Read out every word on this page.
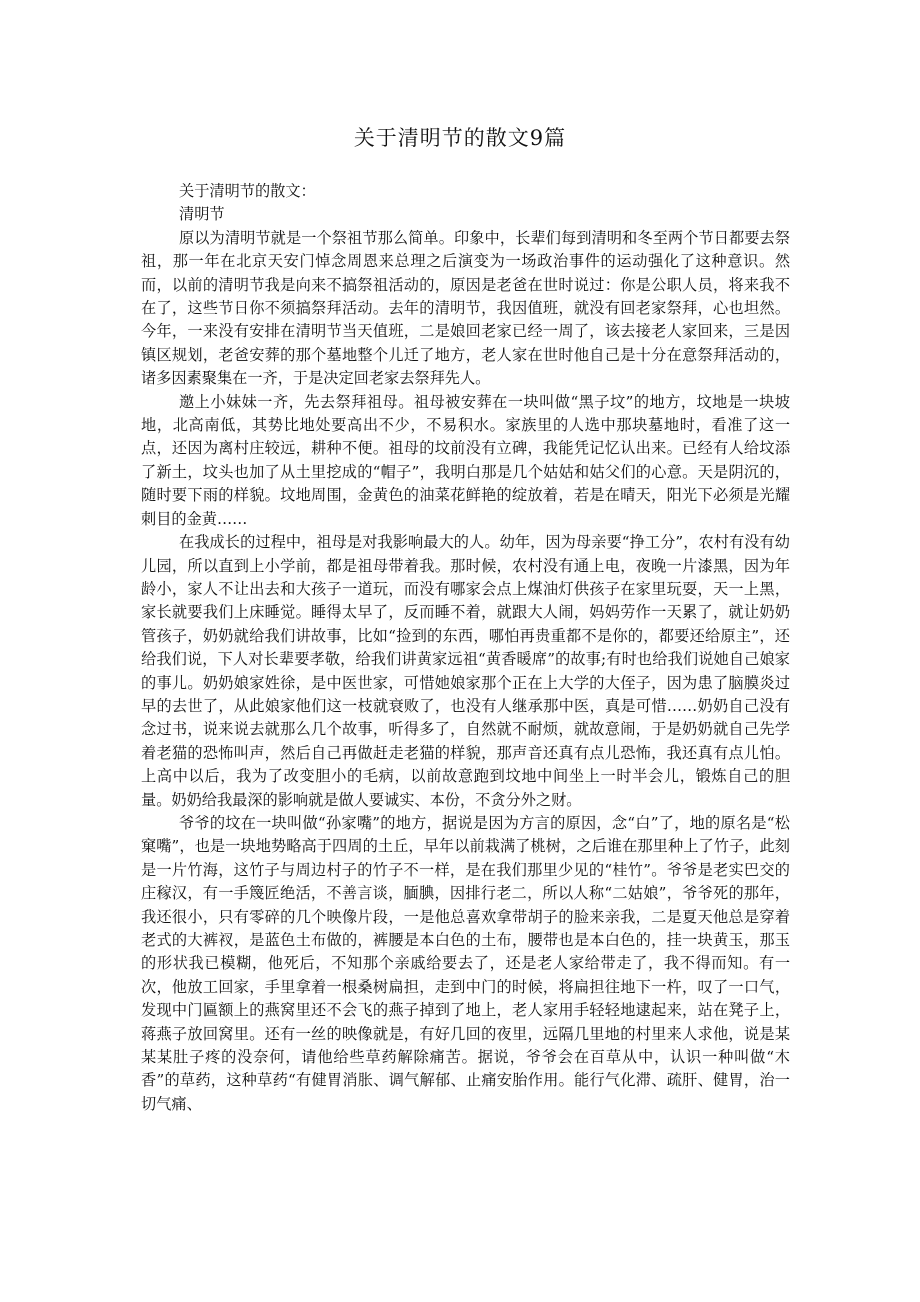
关于清明节的散文9篇

关于清明节的散文：

清明节

原以为清明节就是一个祭祖节那么简单。印象中，长辈们每到清明和冬至两个节日都要去祭祖，那一年在北京天安门悼念周恩来总理之后演变为一场政治事件的运动强化了这种意识。然而，以前的清明节我是向来不搞祭祖活动的，原因是老爸在世时说过：你是公职人员，将来我不在了，这些节日你不须搞祭拜活动。去年的清明节，我因值班，就没有回老家祭拜，心也坦然。今年，一来没有安排在清明节当天值班，二是娘回老家已经一周了，该去接老人家回来，三是因镇区规划，老爸安葬的那个墓地整个儿迁了地方，老人家在世时他自己是十分在意祭拜活动的，诸多因素聚集在一齐，于是决定回老家去祭拜先人。

邀上小妹妹一齐，先去祭拜祖母。祖母被安葬在一块叫做“黑子坟”的地方，坟地是一块坡地，北高南低，其势比地处要高出不少，不易积水。家族里的人选中那块墓地时，看准了这一点，还因为离村庄较远，耕种不便。祖母的坟前没有立碑，我能凭记忆认出来。已经有人给坟添了新土，坟头也加了从土里挖成的“帽子”，我明白那是几个姑姑和姑父们的心意。天是阴沉的，随时要下雨的样貌。坟地周围，金黄色的油菜花鲜艳的绽放着，若是在晴天，阳光下必须是光耀刺目的金黄……

在我成长的过程中，祖母是对我影响最大的人。幼年，因为母亲要“挣工分”，农村有没有幼儿园，所以直到上小学前，都是祖母带着我。那时候，农村没有通上电，夜晚一片漆黑，因为年龄小，家人不让出去和大孩子一道玩，而没有哪家会点上煤油灯供孩子在家里玩耍，天一上黑，家长就要我们上床睡觉。睡得太早了，反而睡不着，就跟大人闹，妈妈劳作一天累了，就让奶奶管孩子，奶奶就给我们讲故事，比如“捡到的东西，哪怕再贵重都不是你的，都要还给原主”，还给我们说，下人对长辈要孝敬，给我们讲黄家远祖“黄香暖席”的故事;有时也给我们说她自己娘家的事儿。奶奶娘家姓徐，是中医世家，可惜她娘家那个正在上大学的大侄子，因为患了脑膜炎过早的去世了，从此娘家他们这一枝就衰败了，也没有人继承那中医，真是可惜……奶奶自己没有念过书，说来说去就那么几个故事，听得多了，自然就不耐烦，就故意闹，于是奶奶就自己先学着老猫的恐怖叫声，然后自己再做赶走老猫的样貌，那声音还真有点儿恐怖，我还真有点儿怕。上高中以后，我为了改变胆小的毛病，以前故意跑到坟地中间坐上一时半会儿，锻炼自己的胆量。奶奶给我最深的影响就是做人要诚实、本份，不贪分外之财。

爷爷的坟在一块叫做“孙家嘴”的地方，据说是因为方言的原因，念“白”了，地的原名是“松窠嘴”，也是一块地势略高于四周的土丘，早年以前栽满了桃树，之后谁在那里种上了竹子，此刻是一片竹海，这竹子与周边村子的竹子不一样，是在我们那里少见的“桂竹”。爷爷是老实巴交的庄稼汉，有一手篾匠绝活，不善言谈，腼腆，因排行老二，所以人称“二姑娘”，爷爷死的那年，我还很小，只有零碎的几个映像片段，一是他总喜欢拿带胡子的脸来亲我，二是夏天他总是穿着老式的大裤衩，是蓝色土布做的，裤腰是本白色的土布，腰带也是本白色的，挂一块黄玉，那玉的形状我已模糊，他死后，不知那个亲戚给要去了，还是老人家给带走了，我不得而知。有一次，他放工回家，手里拿着一根桑树扁担，走到中门的时候，将扁担往地下一杵，叹了一口气，发现中门匾额上的燕窝里还不会飞的燕子掉到了地上，老人家用手轻轻地逮起来，站在凳子上，蒋燕子放回窝里。还有一丝的映像就是，有好几回的夜里，远隔几里地的村里来人求他，说是某某某肚子疼的没奈何，请他给些草药解除痛苦。据说，爷爷会在百草从中，认识一种叫做“木香”的草药，这种草药“有健胃消胀、调气解郁、止痛安胎作用。能行气化滞、疏肝、健胃，治一切气痛、
